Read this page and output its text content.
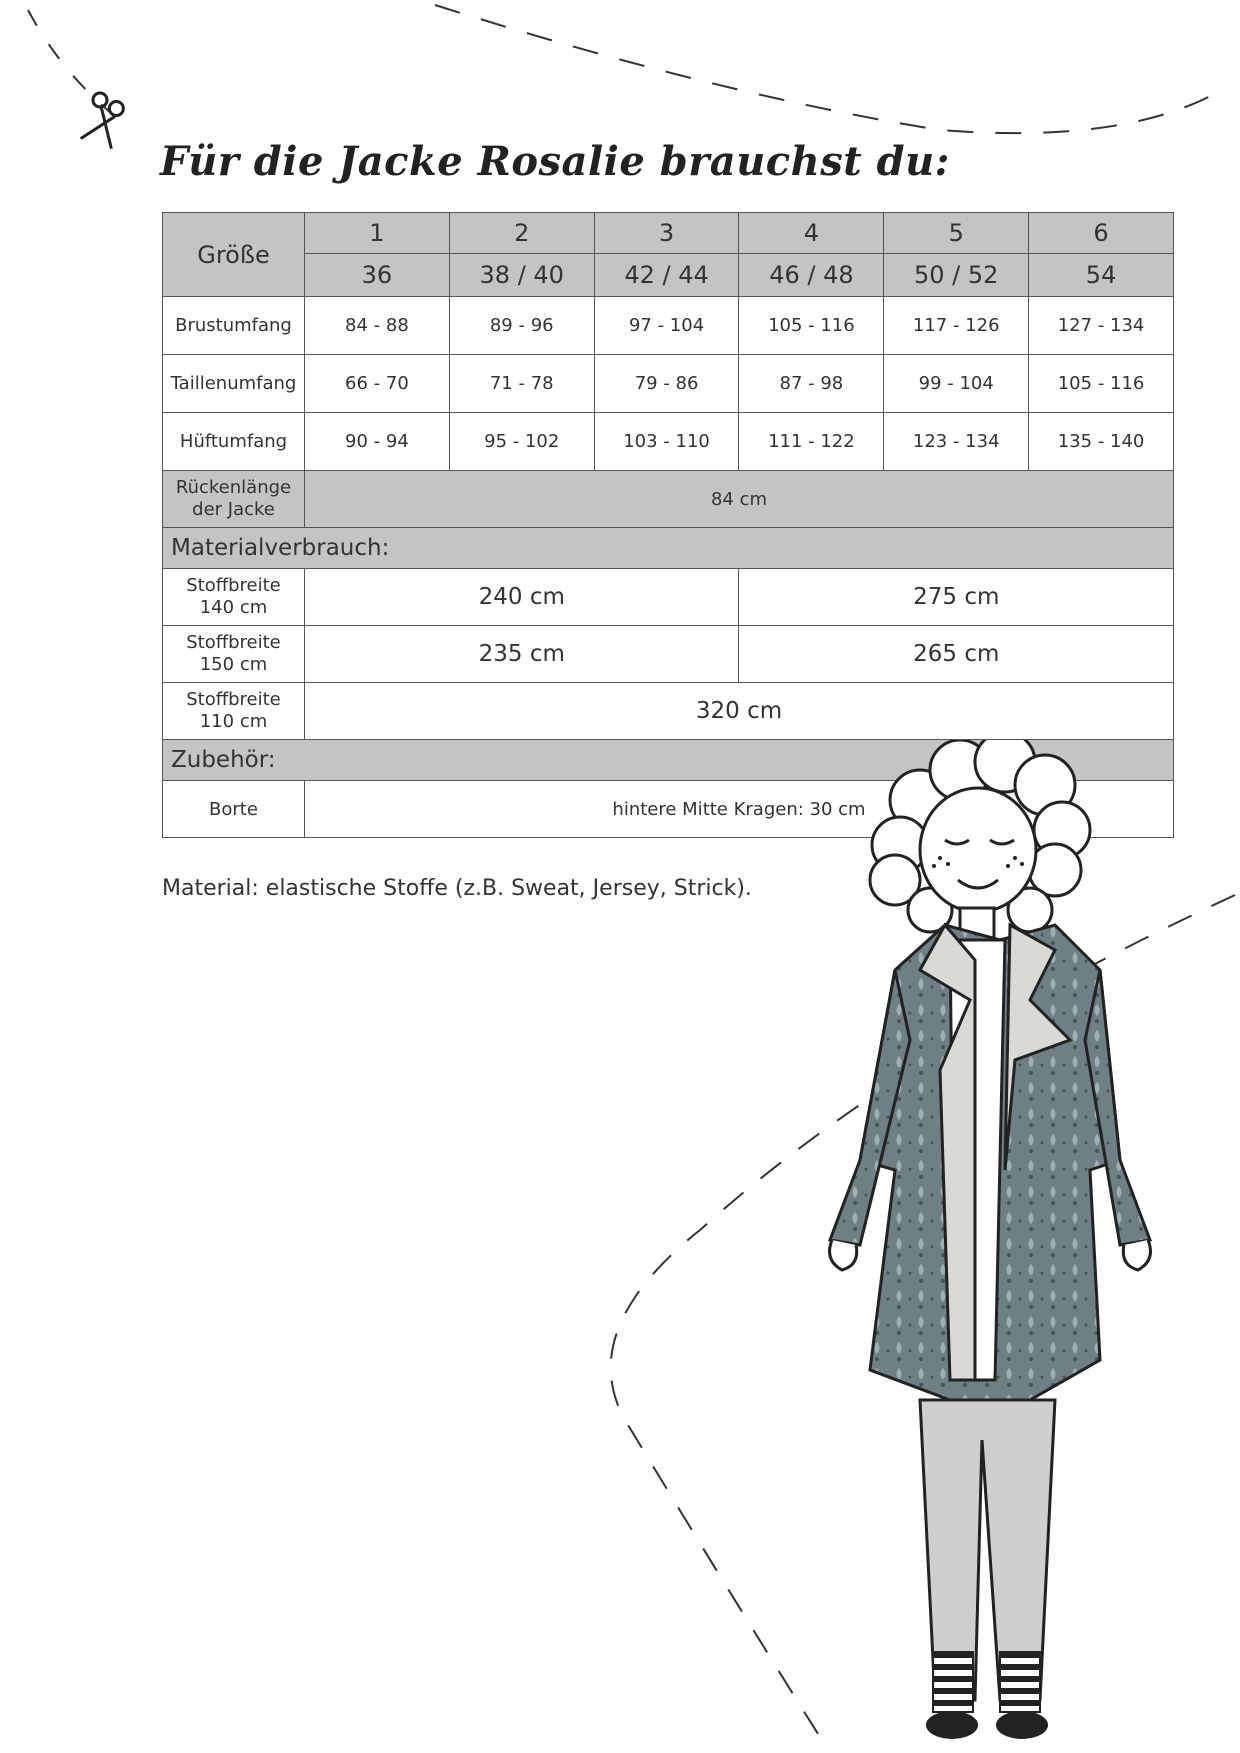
Für die Jacke Rosalie brauchst du:
Größe	1	2	3	4	5	6
	36	38 / 40	42 / 44	46 / 48	50 / 52	54
Brustumfang	84 - 88	89 - 96	97 - 104	105 - 116	117 - 126	127 - 134
Taillenumfang	66 - 70	71 - 78	79 - 86	87 - 98	99 - 104	105 - 116
Hüftumfang	90 - 94	95 - 102	103 - 110	111 - 122	123 - 134	135 - 140

Rückenlänge
der Jacke	84 cm					
Materialverbrauch:						

Stoffbreite
140 cm	240 cm			275 cm		

Stoffbreite
150 cm	235 cm			265 cm		

Stoffbreite
110 cm	320 cm					
Zubehör:						
Borte	hintere Mitte Kragen: 30 cm					
Material: elastische Stoffe (z.B. Sweat, Jersey, Strick).
